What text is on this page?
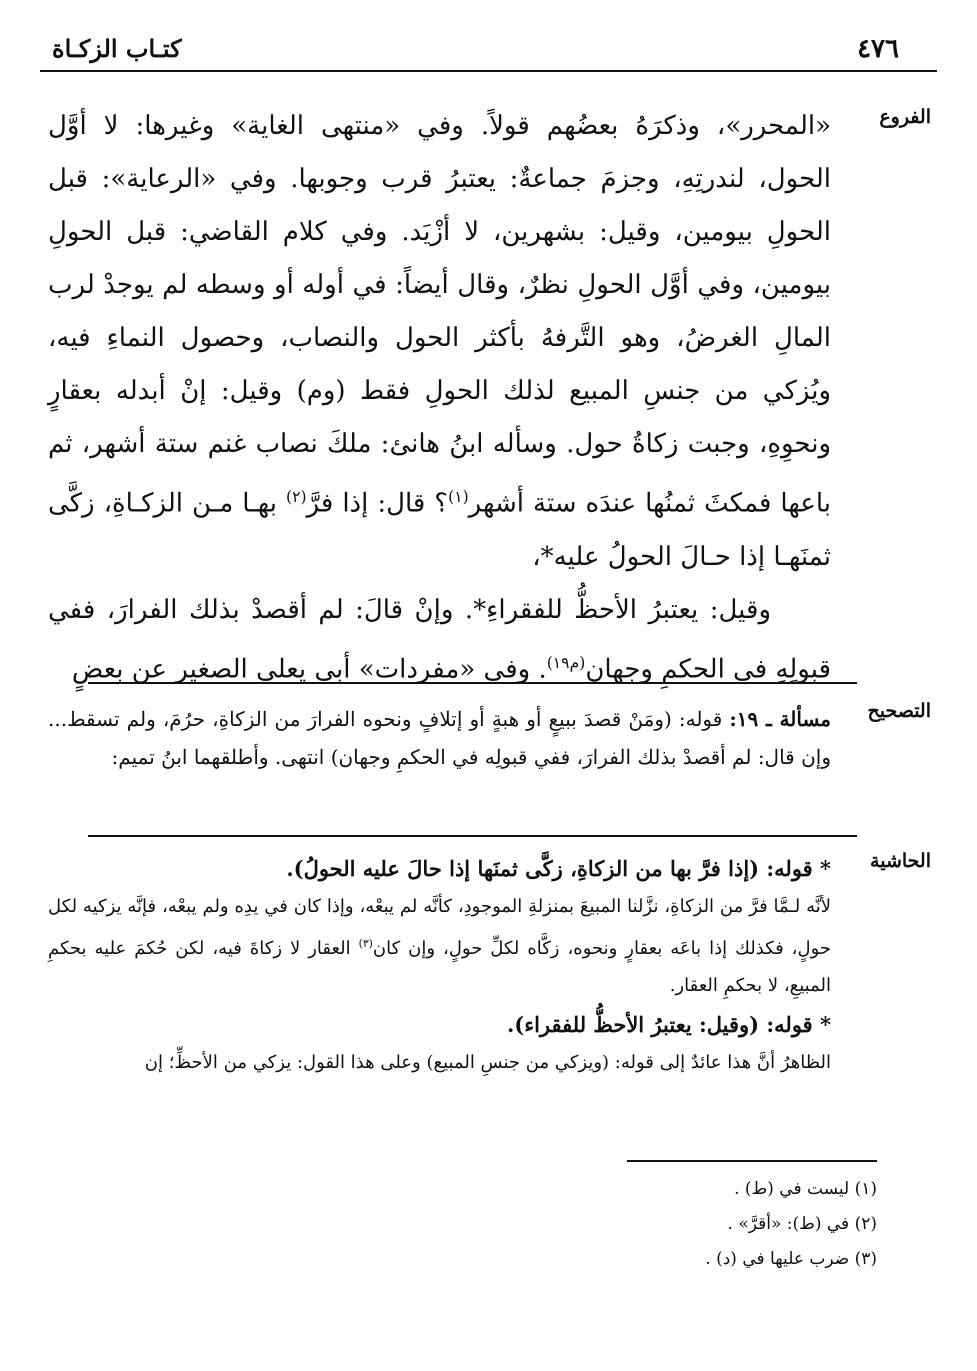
٤٧٦
كتـاب الزكـاة
الفروع

«المحرر»، وذكرَهُ بعضُهم قولاً. وفي «منتهى الغاية» وغيرها: لا أوَّل الحول، لندرتِهِ، وجزمَ جماعةٌ: يعتبرُ قرب وجوبها. وفي «الرعاية»: قبل الحولِ بيومين، وقيل: بشهرين، لا أزْيَد. وفي كلام القاضي: قبل الحولِ بيومين، وفي أوَّل الحولِ نظرٌ، وقال أيضاً: في أوله أو وسطه لم يوجدْ لرب المالِ الغرضُ، وهو التَّرفهُ بأكثر الحول والنصاب، وحصول النماءِ فيه، ويُزكي من جنسِ المبيع لذلك الحولِ فقط (وم) وقيل: إنْ أبدله بعقارٍ ونحوِهِ، وجبت زكاةُ حول. وسأله ابنُ هانئ: ملكَ نصاب غنم ستة أشهر، ثم باعها فمكثَ ثمنُها عندَه ستة أشهر$^{(١)}$؟ قال: إذا فرَّ$^{(٢)}$ بهـا مـن الزكـاةِ، زكَّى ثمنَهـا إذا حـالَ الحولُ عليه*،

وقيل: يعتبرُ الأحظُّ للفقراءِ*. وإنْ قالَ: لم أقصدْ بذلك الفرارَ، ففي قبولِهِ في الحكمِ وجهان$^{(م١٩)}$. وفي «مفردات» أبي يعلى الصغير عن بعضٍ

التصحيح

مسألة ـ ١٩: قوله: (ومَنْ قصدَ ببيعٍ أو هبةٍ أو إتلافٍ ونحوه الفرارَ من الزكاةِ، حرُمَ، ولم تسقط... وإن قال: لم أقصدْ بذلك الفرارَ، ففي قبولِه في الحكمِ وجهان) انتهى. وأطلقهما ابنُ تميم:

الحاشية

* قوله: (إذا فرَّ بها من الزكاةِ، زكَّى ثمنَها إذا حالَ عليه الحولُ).

لأنَّه لـمَّا فرَّ من الزكاةِ، نزَّلنا المبيعَ بمنزلةِ الموجودِ، كأنَّه لم يبعْه، وإذا كان في يدِه ولم يبعْه، فإنَّه يزكيه لكل حولٍ، فكذلك إذا باعَه بعقارٍ ونحوه، زكَّاه لكلِّ حولٍ، وإن كان$^{(٣)}$ العقار لا زكاةَ فيه، لكن حُكمَ عليه بحكمِ المبيعِ، لا بحكمِ العقار.

* قوله: (وقيل: يعتبرُ الأحظُّ للفقراء).

الظاهرُ أنَّ هذا عائدٌ إلى قوله: (ويزكي من جنسِ المبيع) وعلى هذا القول: يزكي من الأحظِّ؛ إن

(١) ليست في (ط) .
(٢) في (ط): «أقرَّ» .
(٣) ضرب عليها في (د) .
